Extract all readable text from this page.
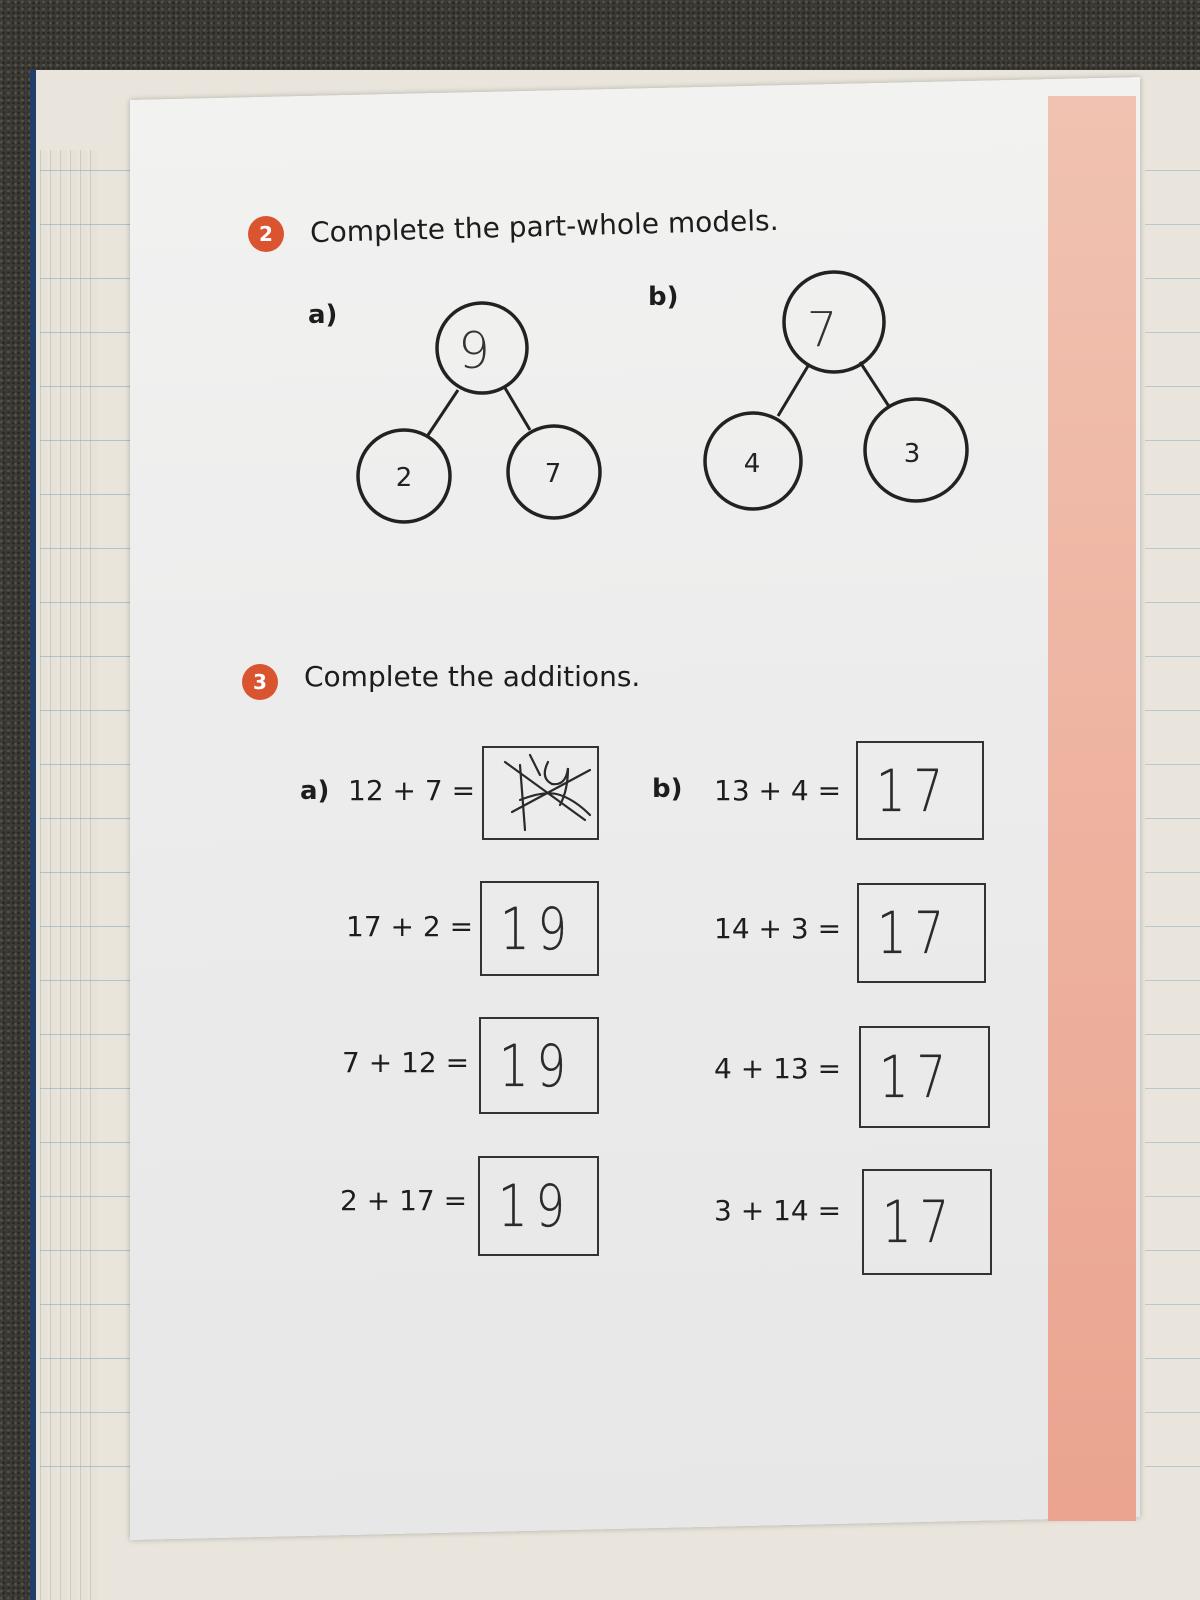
2 Complete the part-whole models.
a)
b)
2	7
9
4	3
7
3 Complete the additions.
a)	b)
12 + 7 =
17 + 2 = 19
7 + 12 = 19
2 + 17 = 19
13 + 4 = 17
14 + 3 = 17
4 + 13 = 17
3 + 14 = 17
